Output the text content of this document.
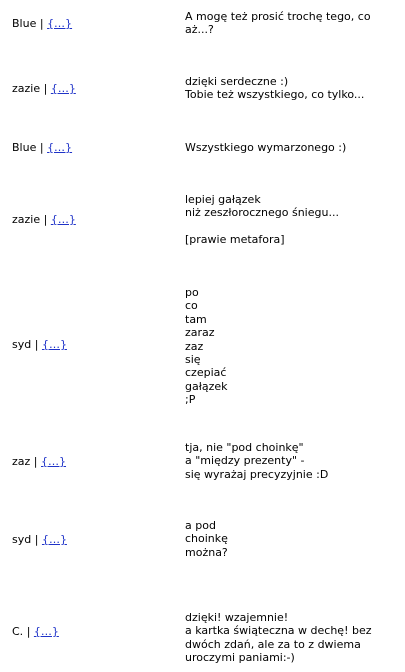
Blue | {…}
A mogę też prosić trochę tego, co
aż...?
zazie | {…}
dzięki serdeczne :)
Tobie też wszystkiego, co tylko...
Blue | {…}	Wszystkiego wymarzonego :)
zazie | {…}
lepiej gałązek
niż zeszłorocznego śniegu...
[prawie metafora]
syd | {…}
po
co
tam
zaraz
zaz
się
czepiać
gałązek
;P
zaz | {…}
tja, nie "pod choinkę"
a "między prezenty" -
się wyrażaj precyzyjnie :D
syd | {…}
a pod
choinkę
można?
C. | {…}
dzięki! wzajemnie!
a kartka świąteczna w dechę! bez
dwóch zdań, ale za to z dwiema
uroczymi paniami:-)
